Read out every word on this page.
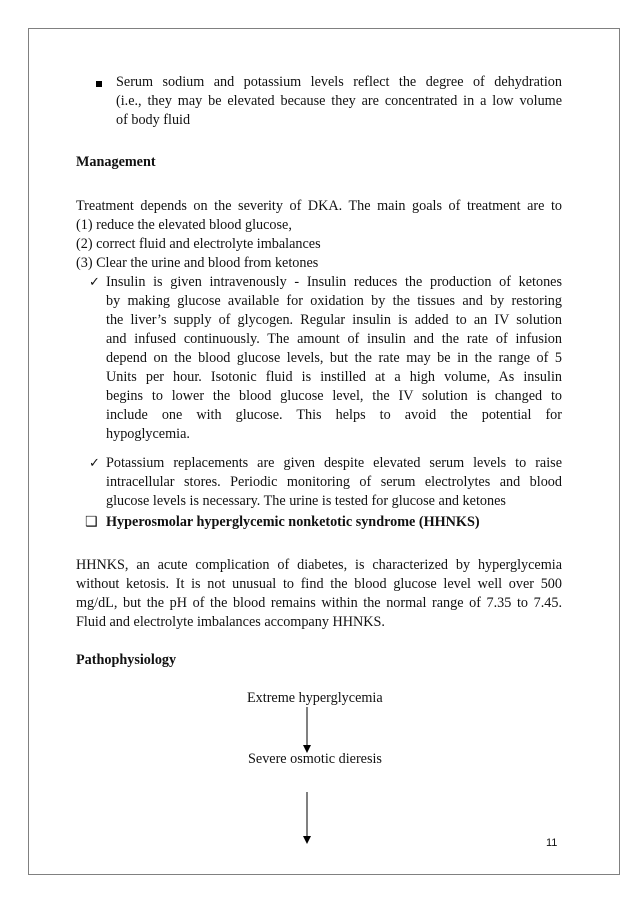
Serum sodium and potassium levels reflect the degree of dehydration
(i.e., they may be elevated because they are concentrated in a low volume
of body fluid
Management
Treatment depends on the severity of DKA. The main goals of treatment are to
(1) reduce the elevated blood glucose,
(2) correct fluid and electrolyte imbalances
(3) Clear the urine and blood from ketones
✓ Insulin is given intravenously - Insulin reduces the production of ketones
by making glucose available for oxidation by the tissues and by restoring
the liver’s supply of glycogen. Regular insulin is added to an IV solution
and infused continuously. The amount of insulin and the rate of infusion
depend on the blood glucose levels, but the rate may be in the range of 5
Units per hour. Isotonic fluid is instilled at a high volume, As insulin
begins to lower the blood glucose level, the IV solution is changed to
include one with glucose. This helps to avoid the potential for
hypoglycemia.
✓ Potassium replacements are given despite elevated serum levels to raise
intracellular stores. Periodic monitoring of serum electrolytes and blood
glucose levels is necessary. The urine is tested for glucose and ketones
❑ Hyperosmolar hyperglycemic nonketotic syndrome (HHNKS)
HHNKS, an acute complication of diabetes, is characterized by hyperglycemia
without ketosis. It is not unusual to find the blood glucose level well over 500
mg/dL, but the pH of the blood remains within the normal range of 7.35 to 7.45.
Fluid and electrolyte imbalances accompany HHNKS.
Pathophysiology
Extreme hyperglycemia
Severe osmotic dieresis
11
